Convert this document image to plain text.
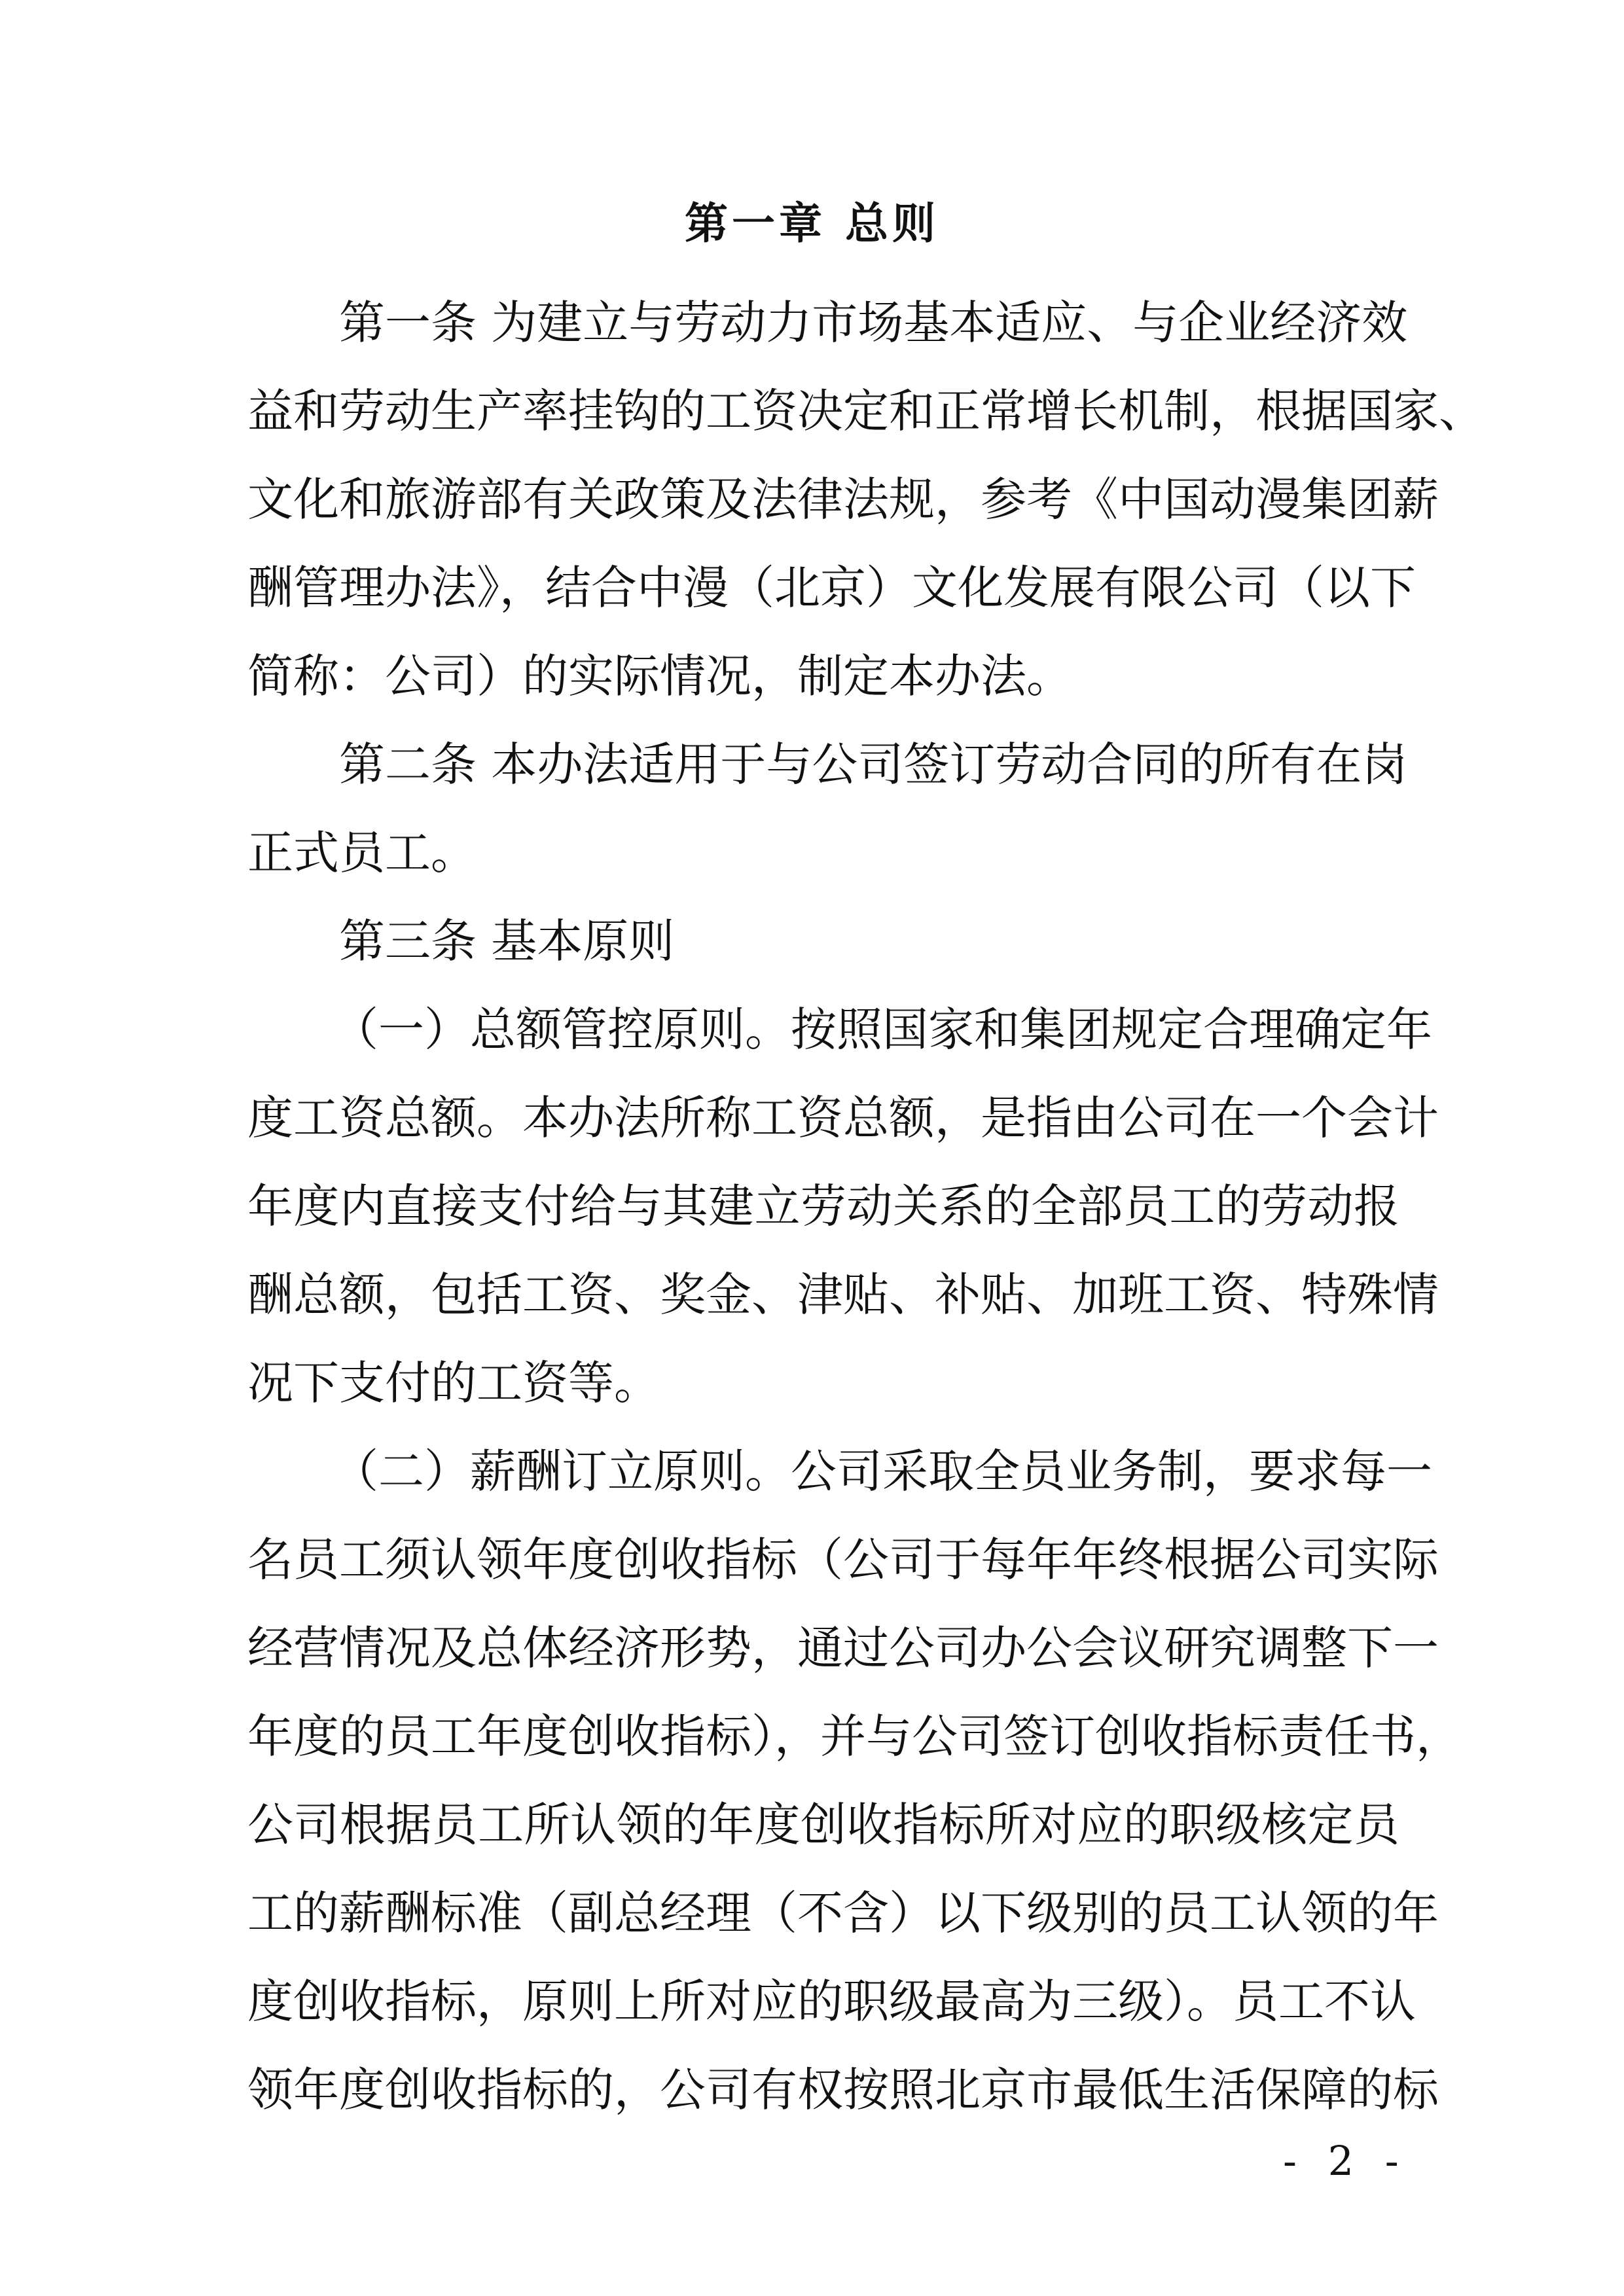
第一章 总则
第一条 为建立与劳动力市场基本适应、与企业经济效
益和劳动生产率挂钩的工资决定和正常增长机制，根据国家、
文化和旅游部有关政策及法律法规，参考《中国动漫集团薪
酬管理办法》，结合中漫（北京）文化发展有限公司（以下
简称：公司）的实际情况，制定本办法。
第二条 本办法适用于与公司签订劳动合同的所有在岗
正式员工。
第三条 基本原则
（一）总额管控原则。按照国家和集团规定合理确定年
度工资总额。本办法所称工资总额，是指由公司在一个会计
年度内直接支付给与其建立劳动关系的全部员工的劳动报
酬总额，包括工资、奖金、津贴、补贴、加班工资、特殊情
况下支付的工资等。
（二）薪酬订立原则。公司采取全员业务制，要求每一
名员工须认领年度创收指标（公司于每年年终根据公司实际
经营情况及总体经济形势，通过公司办公会议研究调整下一
年度的员工年度创收指标），并与公司签订创收指标责任书，
公司根据员工所认领的年度创收指标所对应的职级核定员
工的薪酬标准（副总经理（不含）以下级别的员工认领的年
度创收指标，原则上所对应的职级最高为三级）。员工不认
领年度创收指标的，公司有权按照北京市最低生活保障的标
- 2 -
